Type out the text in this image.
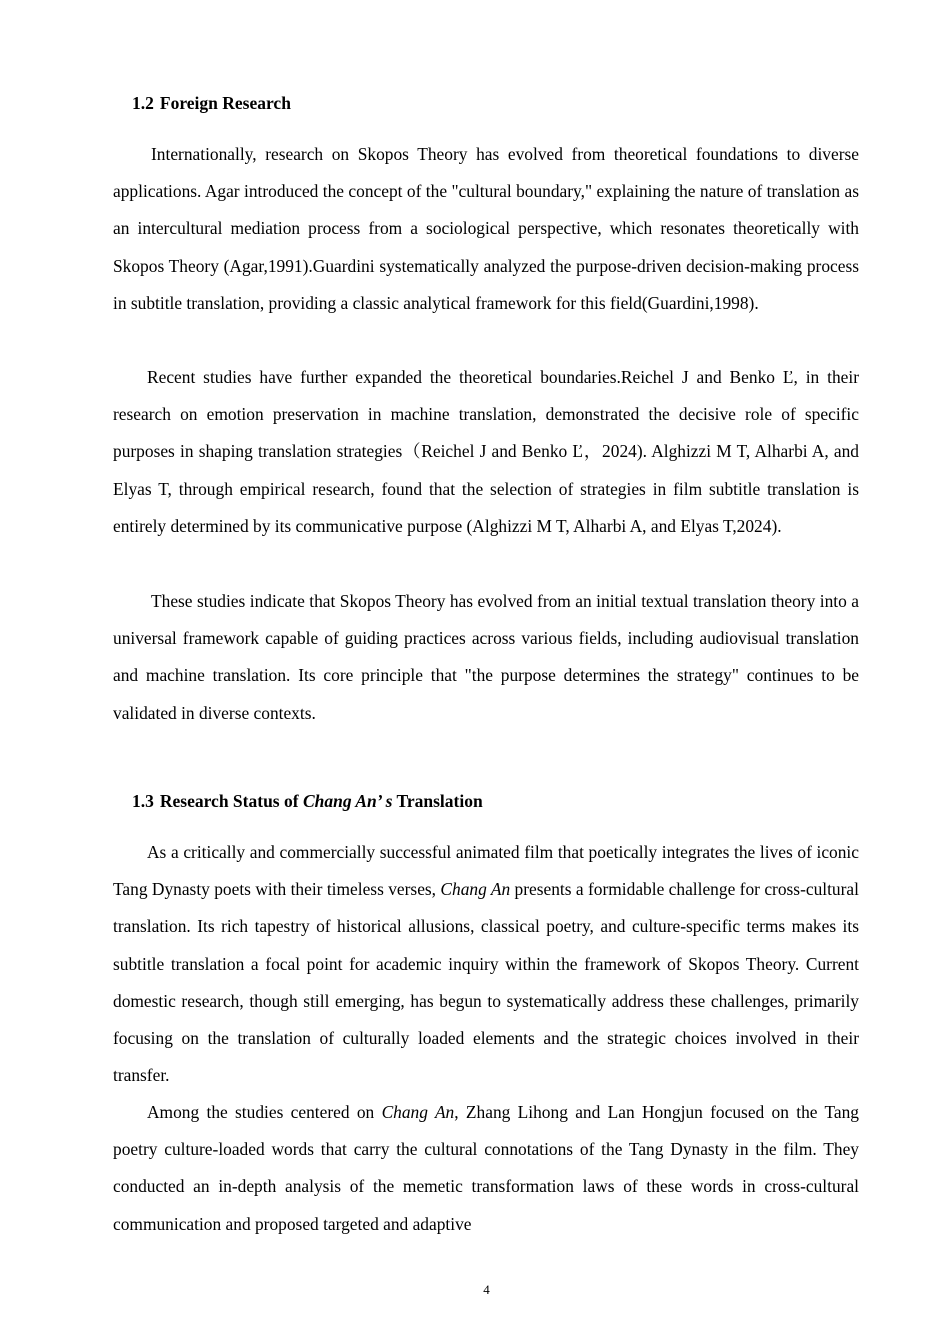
1.2 Foreign Research

Internationally, research on Skopos Theory has evolved from theoretical foundations to diverse applications. Agar introduced the concept of the "cultural boundary," explaining the nature of translation as an intercultural mediation process from a sociological perspective, which resonates theoretically with Skopos Theory (Agar,1991).Guardini systematically analyzed the purpose-driven decision-making process in subtitle translation, providing a classic analytical framework for this field(Guardini,1998).

Recent studies have further expanded the theoretical boundaries.Reichel J and Benko Ľ, in their research on emotion preservation in machine translation, demonstrated the decisive role of specific purposes in shaping translation strategies（Reichel J and Benko Ľ，2024). Alghizzi M T, Alharbi A, and Elyas T, through empirical research, found that the selection of strategies in film subtitle translation is entirely determined by its communicative purpose (Alghizzi M T, Alharbi A, and Elyas T,2024).

These studies indicate that Skopos Theory has evolved from an initial textual translation theory into a universal framework capable of guiding practices across various fields, including audiovisual translation and machine translation. Its core principle that "the purpose determines the strategy" continues to be validated in diverse contexts.

1.3 Research Status of Chang An’ s Translation

As a critically and commercially successful animated film that poetically integrates the lives of iconic Tang Dynasty poets with their timeless verses, Chang An presents a formidable challenge for cross-cultural translation. Its rich tapestry of historical allusions, classical poetry, and culture-specific terms makes its subtitle translation a focal point for academic inquiry within the framework of Skopos Theory. Current domestic research, though still emerging, has begun to systematically address these challenges, primarily focusing on the translation of culturally loaded elements and the strategic choices involved in their transfer.

Among the studies centered on Chang An, Zhang Lihong and Lan Hongjun focused on the Tang poetry culture-loaded words that carry the cultural connotations of the Tang Dynasty in the film. They conducted an in-depth analysis of the memetic transformation laws of these words in cross-cultural communication and proposed targeted and adaptive

4
